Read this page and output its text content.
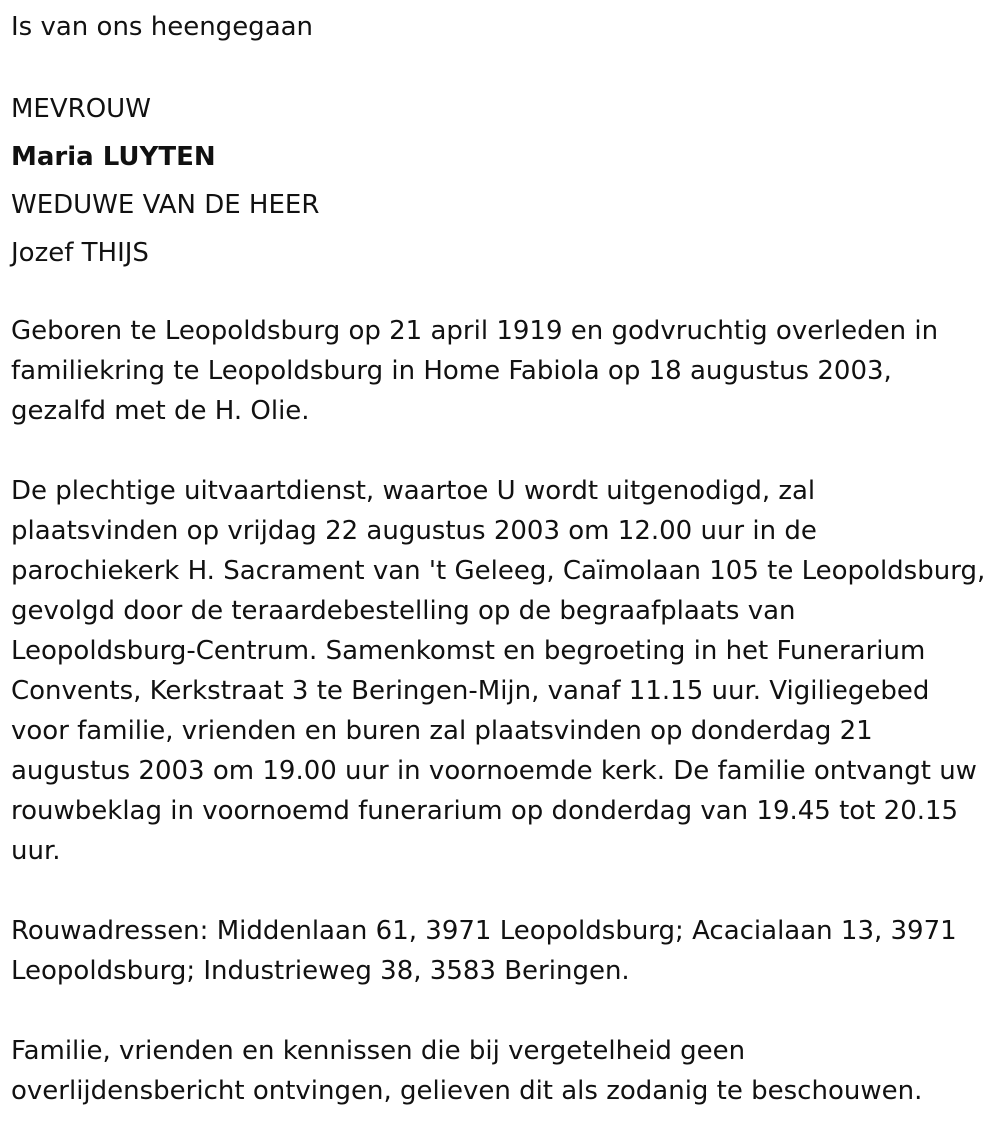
Is van ons heengegaan

MEVROUW

Maria LUYTEN

WEDUWE VAN DE HEER

Jozef THIJS

Geboren te Leopoldsburg op 21 april 1919 en godvruchtig overleden in familiekring te Leopoldsburg in Home Fabiola op 18 augustus 2003, gezalfd met de H. Olie.

De plechtige uitvaartdienst, waartoe U wordt uitgenodigd, zal plaatsvinden op vrijdag 22 augustus 2003 om 12.00 uur in de parochiekerk H. Sacrament van 't Geleeg, Caïmolaan 105 te Leopoldsburg, gevolgd door de teraardebestelling op de begraafplaats van Leopoldsburg-Centrum. Samenkomst en begroeting in het Funerarium Convents, Kerkstraat 3 te Beringen-Mijn, vanaf 11.15 uur. Vigiliegebed voor familie, vrienden en buren zal plaatsvinden op donderdag 21 augustus 2003 om 19.00 uur in voornoemde kerk. De familie ontvangt uw rouwbeklag in voornoemd funerarium op donderdag van 19.45 tot 20.15 uur.

Rouwadressen: Middenlaan 61, 3971 Leopoldsburg; Acacialaan 13, 3971 Leopoldsburg; Industrieweg 38, 3583 Beringen.

Familie, vrienden en kennissen die bij vergetelheid geen overlijdensbericht ontvingen, gelieven dit als zodanig te beschouwen.
